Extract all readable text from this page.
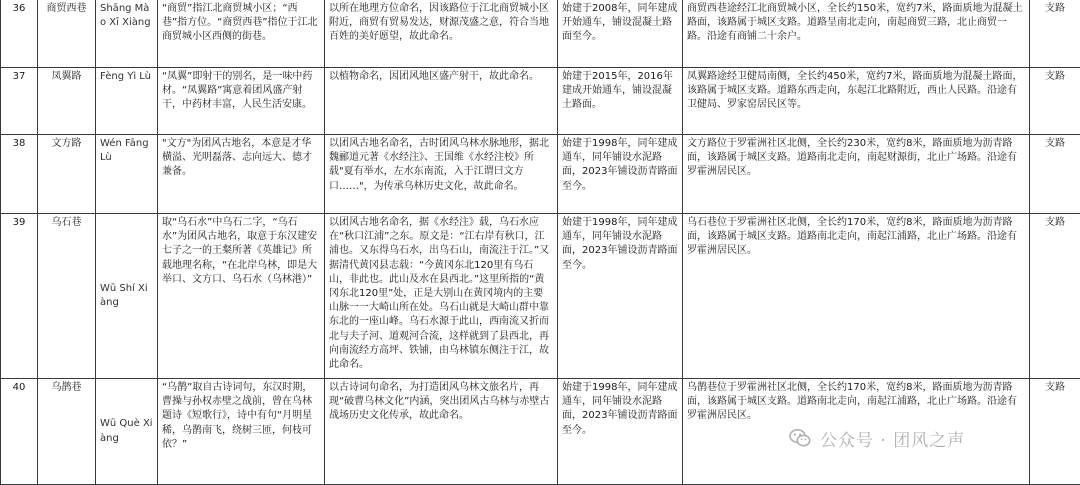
36	商贸西巷	Shāng Mào Xī Xiàng	“商贸”指江北商贸城小区；“西巷”指方位。“商贸西巷”指位于江北商贸城小区西侧的街巷。	以所在地理方位命名，因该路位于江北商贸城小区附近，商贸有贸易发达，财源茂盛之意，符合当地百姓的美好愿望，故此命名。	始建于2008年，同年建成开始通车，铺设混凝土路面至今。	商贸西巷途经江北商贸城小区，全长约150米，宽约7米，路面质地为混凝土路面，该路属于城区支路。道路呈南北走向，南起商贸三路，北止商贸一路。沿途有商铺二十余户。	支路
37	凤翼路	Fèng Yì Lù	“凤翼”即射干的别名，是一味中药材。“凤翼路”寓意着团风盛产射干，中药材丰富，人民生活安康。	以植物命名，因团风地区盛产射干，故此命名。	始建于2015年，2016年建成开始通车，铺设混凝土路面。	凤翼路途经卫健局南侧，全长约450米，宽约7米，路面质地为混凝土路面，该路属于城区支路。道路东西走向，东起江北路附近，西止人民路。沿途有卫健局、罗家窑居民区等。	支路
38	文方路	Wén Fāng Lù	"文方"为团风古地名，本意是才华横溢、光明磊落、志向远大、德才兼备。	以团风古地名命名，古时团风乌林水脉地形，据北魏郦道元著《水经注》、王国维《水经注校》所载"夏有举水，左水东南流，入于江谓曰文方口……"，为传承乌林历史文化，故此命名。	始建于1998年，同年建成通车，同年铺设水泥路面，2023年铺设沥青路面至今。	文方路位于罗霍洲社区北侧，全长约230米，宽约8米，路面质地为沥青路面，该路属于城区支路。道路南北走向，南起财源街，北止广场路。沿途有罗霍洲居民区。	支路
39	乌石巷	Wū Shí Xiàng	取“乌石水”中乌石二字，“乌石水”为团风古地名，取意于东汉建安七子之一的王粲所著《英雄记》所载地理名称，“在北岸乌林，即是大举口、文方口、乌石水（乌林港）”	以团风古地名命名，据《水经注》载，乌石水应在“秋口江浦”之东。原文是：“江右岸有秋口，江浦也。又东得乌石水，出乌石山，南流注于江。”又据清代黄冈县志载：“今黄冈东北120里有乌石山，非此也。此山及水在县西北。”这里所指的“黄冈东北120里”处，正是大别山在黄冈境内的主要山脉一一大崎山所在处。乌石山就是大崎山群中靠东北的一座山峰。乌石水源于此山，西南流又折而北与夫子河、道观河合流，这样就到了县西北，再向南流经方高坪、铁铺，由乌林镇东侧注于江，故此命名。	始建于1998年，同年建成通车，同年铺设水泥路面，2023年铺设沥青路面至今。	乌石巷位于罗霍洲社区北侧，全长约170米，宽约8米，路面质地为沥青路面，该路属于城区支路。道路南北走向，南起江浦路，北止广场路。沿途有罗霍洲居民区。	支路
40	乌鹊巷	Wū Què Xiàng	“乌鹊”取自古诗词句，东汉时期，曹操与孙权赤壁之战前，曾在乌林题诗《短歌行》，诗中有句“月明星稀，乌鹊南飞，绕树三匝，何枝可依？”	以古诗词句命名，为打造团风乌林文旅名片，再现“破曹乌林文化”内涵，突出团风古乌林与赤壁古战场历史文化传承，故此命名。	始建于1998年，同年建成通车，同年铺设水泥路面，2023年铺设沥青路面至今。	乌鹊巷位于罗霍洲社区北侧，全长约170米，宽约8米，路面质地为沥青路面，该路属于城区支路。道路南北走向，南起江浦路，北止广场路。沿途有罗霍洲居民区。	支路
公众号 · 团风之声
